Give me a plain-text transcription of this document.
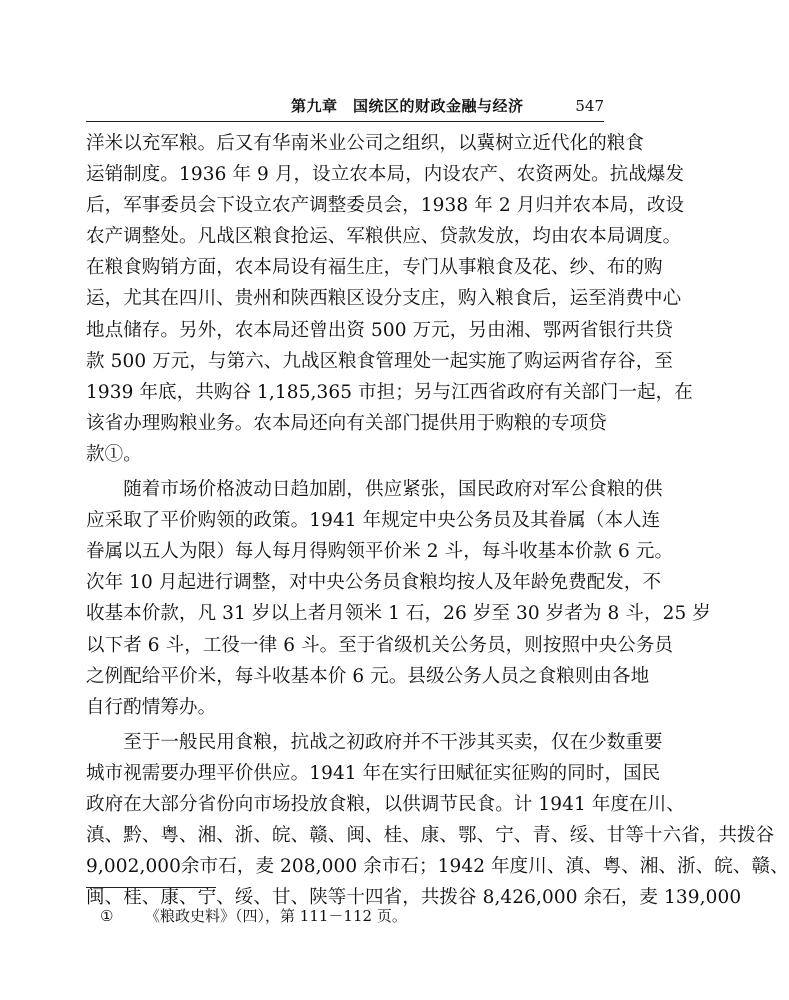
第九章　国统区的财政金融与经济	547
洋米以充军粮。后又有华南米业公司之组织，以冀树立近代化的粮食
运销制度。1936 年 9 月，设立农本局，内设农产、农资两处。抗战爆发
后，军事委员会下设立农产调整委员会，1938 年 2 月归并农本局，改设
农产调整处。凡战区粮食抢运、军粮供应、贷款发放，均由农本局调度。
在粮食购销方面，农本局设有福生庄，专门从事粮食及花、纱、布的购
运，尤其在四川、贵州和陕西粮区设分支庄，购入粮食后，运至消费中心
地点储存。另外，农本局还曾出资 500 万元，另由湘、鄂两省银行共贷
款 500 万元，与第六、九战区粮食管理处一起实施了购运两省存谷，至
1939 年底，共购谷 1,185,365 市担；另与江西省政府有关部门一起，在
该省办理购粮业务。农本局还向有关部门提供用于购粮的专项贷
款①。
　　随着市场价格波动日趋加剧，供应紧张，国民政府对军公食粮的供
应采取了平价购领的政策。1941 年规定中央公务员及其眷属（本人连
眷属以五人为限）每人每月得购领平价米 2 斗，每斗收基本价款 6 元。
次年 10 月起进行调整，对中央公务员食粮均按人及年龄免费配发，不
收基本价款，凡 31 岁以上者月领米 1 石，26 岁至 30 岁者为 8 斗，25 岁
以下者 6 斗，工役一律 6 斗。至于省级机关公务员，则按照中央公务员
之例配给平价米，每斗收基本价 6 元。县级公务人员之食粮则由各地
自行酌情筹办。
　　至于一般民用食粮，抗战之初政府并不干涉其买卖，仅在少数重要
城市视需要办理平价供应。1941 年在实行田赋征实征购的同时，国民
政府在大部分省份向市场投放食粮，以供调节民食。计 1941 年度在川、
滇、黔、粤、湘、浙、皖、赣、闽、桂、康、鄂、宁、青、绥、甘等十六省，共拨谷
9,002,000余市石，麦 208,000 余市石；1942 年度川、滇、粤、湘、浙、皖、赣、
闽、桂、康、宁、绥、甘、陕等十四省，共拨谷 8,426,000 余石，麦 139,000
① 《粮政史料》（四），第 111－112 页。
